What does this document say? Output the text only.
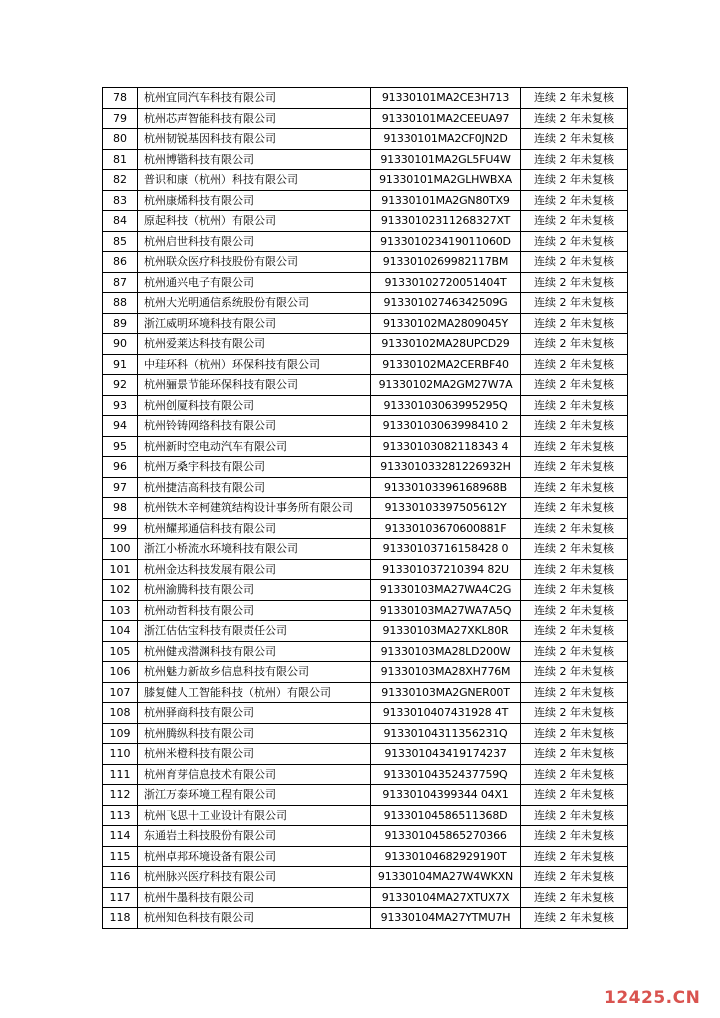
78	杭州宜同汽车科技有限公司	91330101MA2CE3H713	连续 2 年未复核
79	杭州芯声智能科技有限公司	91330101MA2CEEUA97	连续 2 年未复核
80	杭州韧锐基因科技有限公司	91330101MA2CF0JN2D	连续 2 年未复核
81	杭州博锴科技有限公司	91330101MA2GL5FU4W	连续 2 年未复核
82	普识和康（杭州）科技有限公司	91330101MA2GLHWBXA	连续 2 年未复核
83	杭州康烯科技有限公司	91330101MA2GN80TX9	连续 2 年未复核
84	原起科技（杭州）有限公司	91330102311268327XT	连续 2 年未复核
85	杭州启世科技有限公司	913301023419011060D	连续 2 年未复核
86	杭州联众医疗科技股份有限公司	9133010269982117BM	连续 2 年未复核
87	杭州通兴电子有限公司	91330102720051404T	连续 2 年未复核
88	杭州大光明通信系统股份有限公司	91330102746342509G	连续 2 年未复核
89	浙江威明环境科技有限公司	91330102MA2809045Y	连续 2 年未复核
90	杭州爱莱达科技有限公司	91330102MA28UPCD29	连续 2 年未复核
91	中珪环科（杭州）环保科技有限公司	91330102MA2CERBF40	连续 2 年未复核
92	杭州骊景节能环保科技有限公司	91330102MA2GM27W7A	连续 2 年未复核
93	杭州创厦科技有限公司	91330103063995295Q	连续 2 年未复核
94	杭州铃铸网络科技有限公司	91330103063998410 2	连续 2 年未复核
95	杭州新时空电动汽车有限公司	91330103082118343 4	连续 2 年未复核
96	杭州万桑宇科技有限公司	913301033281226932H	连续 2 年未复核
97	杭州捷洁高科技有限公司	91330103396168968B	连续 2 年未复核
98	杭州铁木辛柯建筑结构设计事务所有限公司	91330103397505612Y	连续 2 年未复核
99	杭州耀邦通信科技有限公司	91330103670600881F	连续 2 年未复核
100	浙江小桥流水环境科技有限公司	91330103716158428 0	连续 2 年未复核
101	杭州金达科技发展有限公司	913301037210394 82U	连续 2 年未复核
102	杭州渝腾科技有限公司	91330103MA27WA4C2G	连续 2 年未复核
103	杭州动哲科技有限公司	91330103MA27WA7A5Q	连续 2 年未复核
104	浙江估估宝科技有限责任公司	91330103MA27XKL80R	连续 2 年未复核
105	杭州健戎潜渊科技有限公司	91330103MA28LD200W	连续 2 年未复核
106	杭州魅力新故乡信息科技有限公司	91330103MA28XH776M	连续 2 年未复核
107	膝复健人工智能科技（杭州）有限公司	91330103MA2GNER00T	连续 2 年未复核
108	杭州驿商科技有限公司	9133010407431928 4T	连续 2 年未复核
109	杭州腾纵科技有限公司	91330104311356231Q	连续 2 年未复核
110	杭州米橙科技有限公司	913301043419174237	连续 2 年未复核
111	杭州育芽信息技术有限公司	91330104352437759Q	连续 2 年未复核
112	浙江万泰环境工程有限公司	91330104399344 04X1	连续 2 年未复核
113	杭州飞思十工业设计有限公司	91330104586511368D	连续 2 年未复核
114	东通岩土科技股份有限公司	913301045865270366	连续 2 年未复核
115	杭州卓邦环境设备有限公司	91330104682929190T	连续 2 年未复核
116	杭州脉兴医疗科技有限公司	91330104MA27W4WKXN	连续 2 年未复核
117	杭州牛墨科技有限公司	91330104MA27XTUX7X	连续 2 年未复核
118	杭州知色科技有限公司	91330104MA27YTMU7H	连续 2 年未复核
12425.CN
